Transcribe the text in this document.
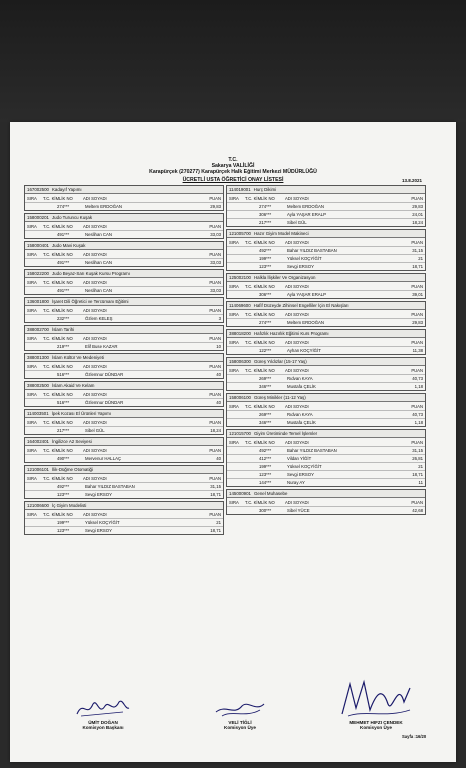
T.C.
Sakarya VALİLİĞİ
Karapürçek (270277) Karapürçek Halk Eğitimi Merkezi MÜDÜRLÜĞÜ
ÜCRETLİ USTA ÖĞRETİCİ ONAY LİSTESİ	13.8.2021
167002500 Kadayıf Yapımı
SIRA T.C. KİMLİK NO ADI SOYADI	PUAN
274***	Meltem ERDOĞAN	29,83
158000201 Judo Turuncu Kuşak
SIRA T.C. KİMLİK NO ADI SOYADI	PUAN
491***	Neslihan CAN	33,03
158000401 Judo Mavi Kuşak
SIRA T.C. KİMLİK NO ADI SOYADI	PUAN
491***	Neslihan CAN	33,03
158022200 Judo Beyaz-Sarı Kuşak Kursu Programı
SIRA T.C. KİMLİK NO ADI SOYADI	PUAN
491***	Neslihan CAN	33,03
136001800 İşaret Dili Öğretici ve Tercümanı Eğitimi
SIRA T.C. KİMLİK NO ADI SOYADI	PUAN
232***	Özlem KELEŞ	3
388002700 İslam Tarihi
SIRA T.C. KİMLİK NO ADI SOYADI	PUAN
219***	Elif Buse KAZAR	10
388001300 İslam Kültür Ve Medeniyeti
SIRA T.C. KİMLİK NO ADI SOYADI	PUAN
516***	Özlemnur DÜNDAR	40
388002500 İslam Akaid Ve Kelam
SIRA T.C. KİMLİK NO ADI SOYADI	PUAN
516***	Özlemnur DÜNDAR	40
114003501 İpek Kozası El Ürünleri Yapımı
SIRA T.C. KİMLİK NO ADI SOYADI	PUAN
217***	Sibel GÜL	18,24
164002401 İngilizce A2 Seviyesi
SIRA T.C. KİMLİK NO ADI SOYADI	PUAN
490***	Mervenur HALLAÇ	40
121006101 İlik-Düğme Otomatiği
SIRA T.C. KİMLİK NO ADI SOYADI	PUAN
492***	Bahar YILDIZ BASTABAN	31,15
123***	Sevgi ERSOY	18,71
121006600 İç Giyim Modelisti
SIRA T.C. KİMLİK NO ADI SOYADI	PUAN
199***	Yüksel KOÇYİĞİT	21
123***	Sevgi ERSOY	18,71
114019001 Hurç Dikimi
SIRA T.C. KİMLİK NO ADI SOYADI	PUAN
274***	Meltem ERDOĞAN	29,83
306***	Ayla YAŞAR ERALP	24,01
217***	Sibel GÜL	18,24
121005700 Hazır Giyim Model Makineci
SIRA T.C. KİMLİK NO ADI SOYADI	PUAN
492***	Bahar YILDIZ BASTABAN	31,15
199***	Yüksel KOÇYİĞİT	21
123***	Sevgi ERSOY	18,71
125002100 Halkla İlişkiler Ve Organizasyon
SIRA T.C. KİMLİK NO ADI SOYADI	PUAN
306***	Ayla YAŞAR ERALP	39,01
114069600 Hafif Düzeyde Zihinsel Engelliler İçin El Nakışları
SIRA T.C. KİMLİK NO ADI SOYADI	PUAN
274***	Meltem ERDOĞAN	29,83
388018200 Hafızlık Hazırlık Eğitimi Kurs Programı
SIRA T.C. KİMLİK NO ADI SOYADI	PUAN
122***	Ayhan KOÇYİĞİT	11,38
158006300 Güreş Yıldızlar (15-17 Yaş)
SIRA T.C. KİMLİK NO ADI SOYADI	PUAN
269***	Rıdvan KAYA	40,73
346***	Mustafa ÇELİK	1,18
158006100 Güreş Minikler (11-12 Yaş)
SIRA T.C. KİMLİK NO ADI SOYADI	PUAN
269***	Rıdvan KAYA	40,73
346***	Mustafa ÇELİK	1,18
121015700 Giyim Üretiminde Temel İşlemler
SIRA T.C. KİMLİK NO ADI SOYADI	PUAN
492***	Bahar YILDIZ BASTABAN	31,15
412***	Vildan YİĞİT	26,81
199***	Yüksel KOÇYİĞİT	21
123***	Sevgi ERSOY	18,71
144***	Nuray AY	11
145000901 Genel Muhasebe
SIRA T.C. KİMLİK NO ADI SOYADI	PUAN
300***	Sibel YÜCE	42,68
ÜMİT DOĞAN
Komisyon Başkanı
VELİ TİĞLİ
Komisyon Üye
MEHMET HIFZI ÇENDEK
Komisyon Üye
Sayfa :16/20
